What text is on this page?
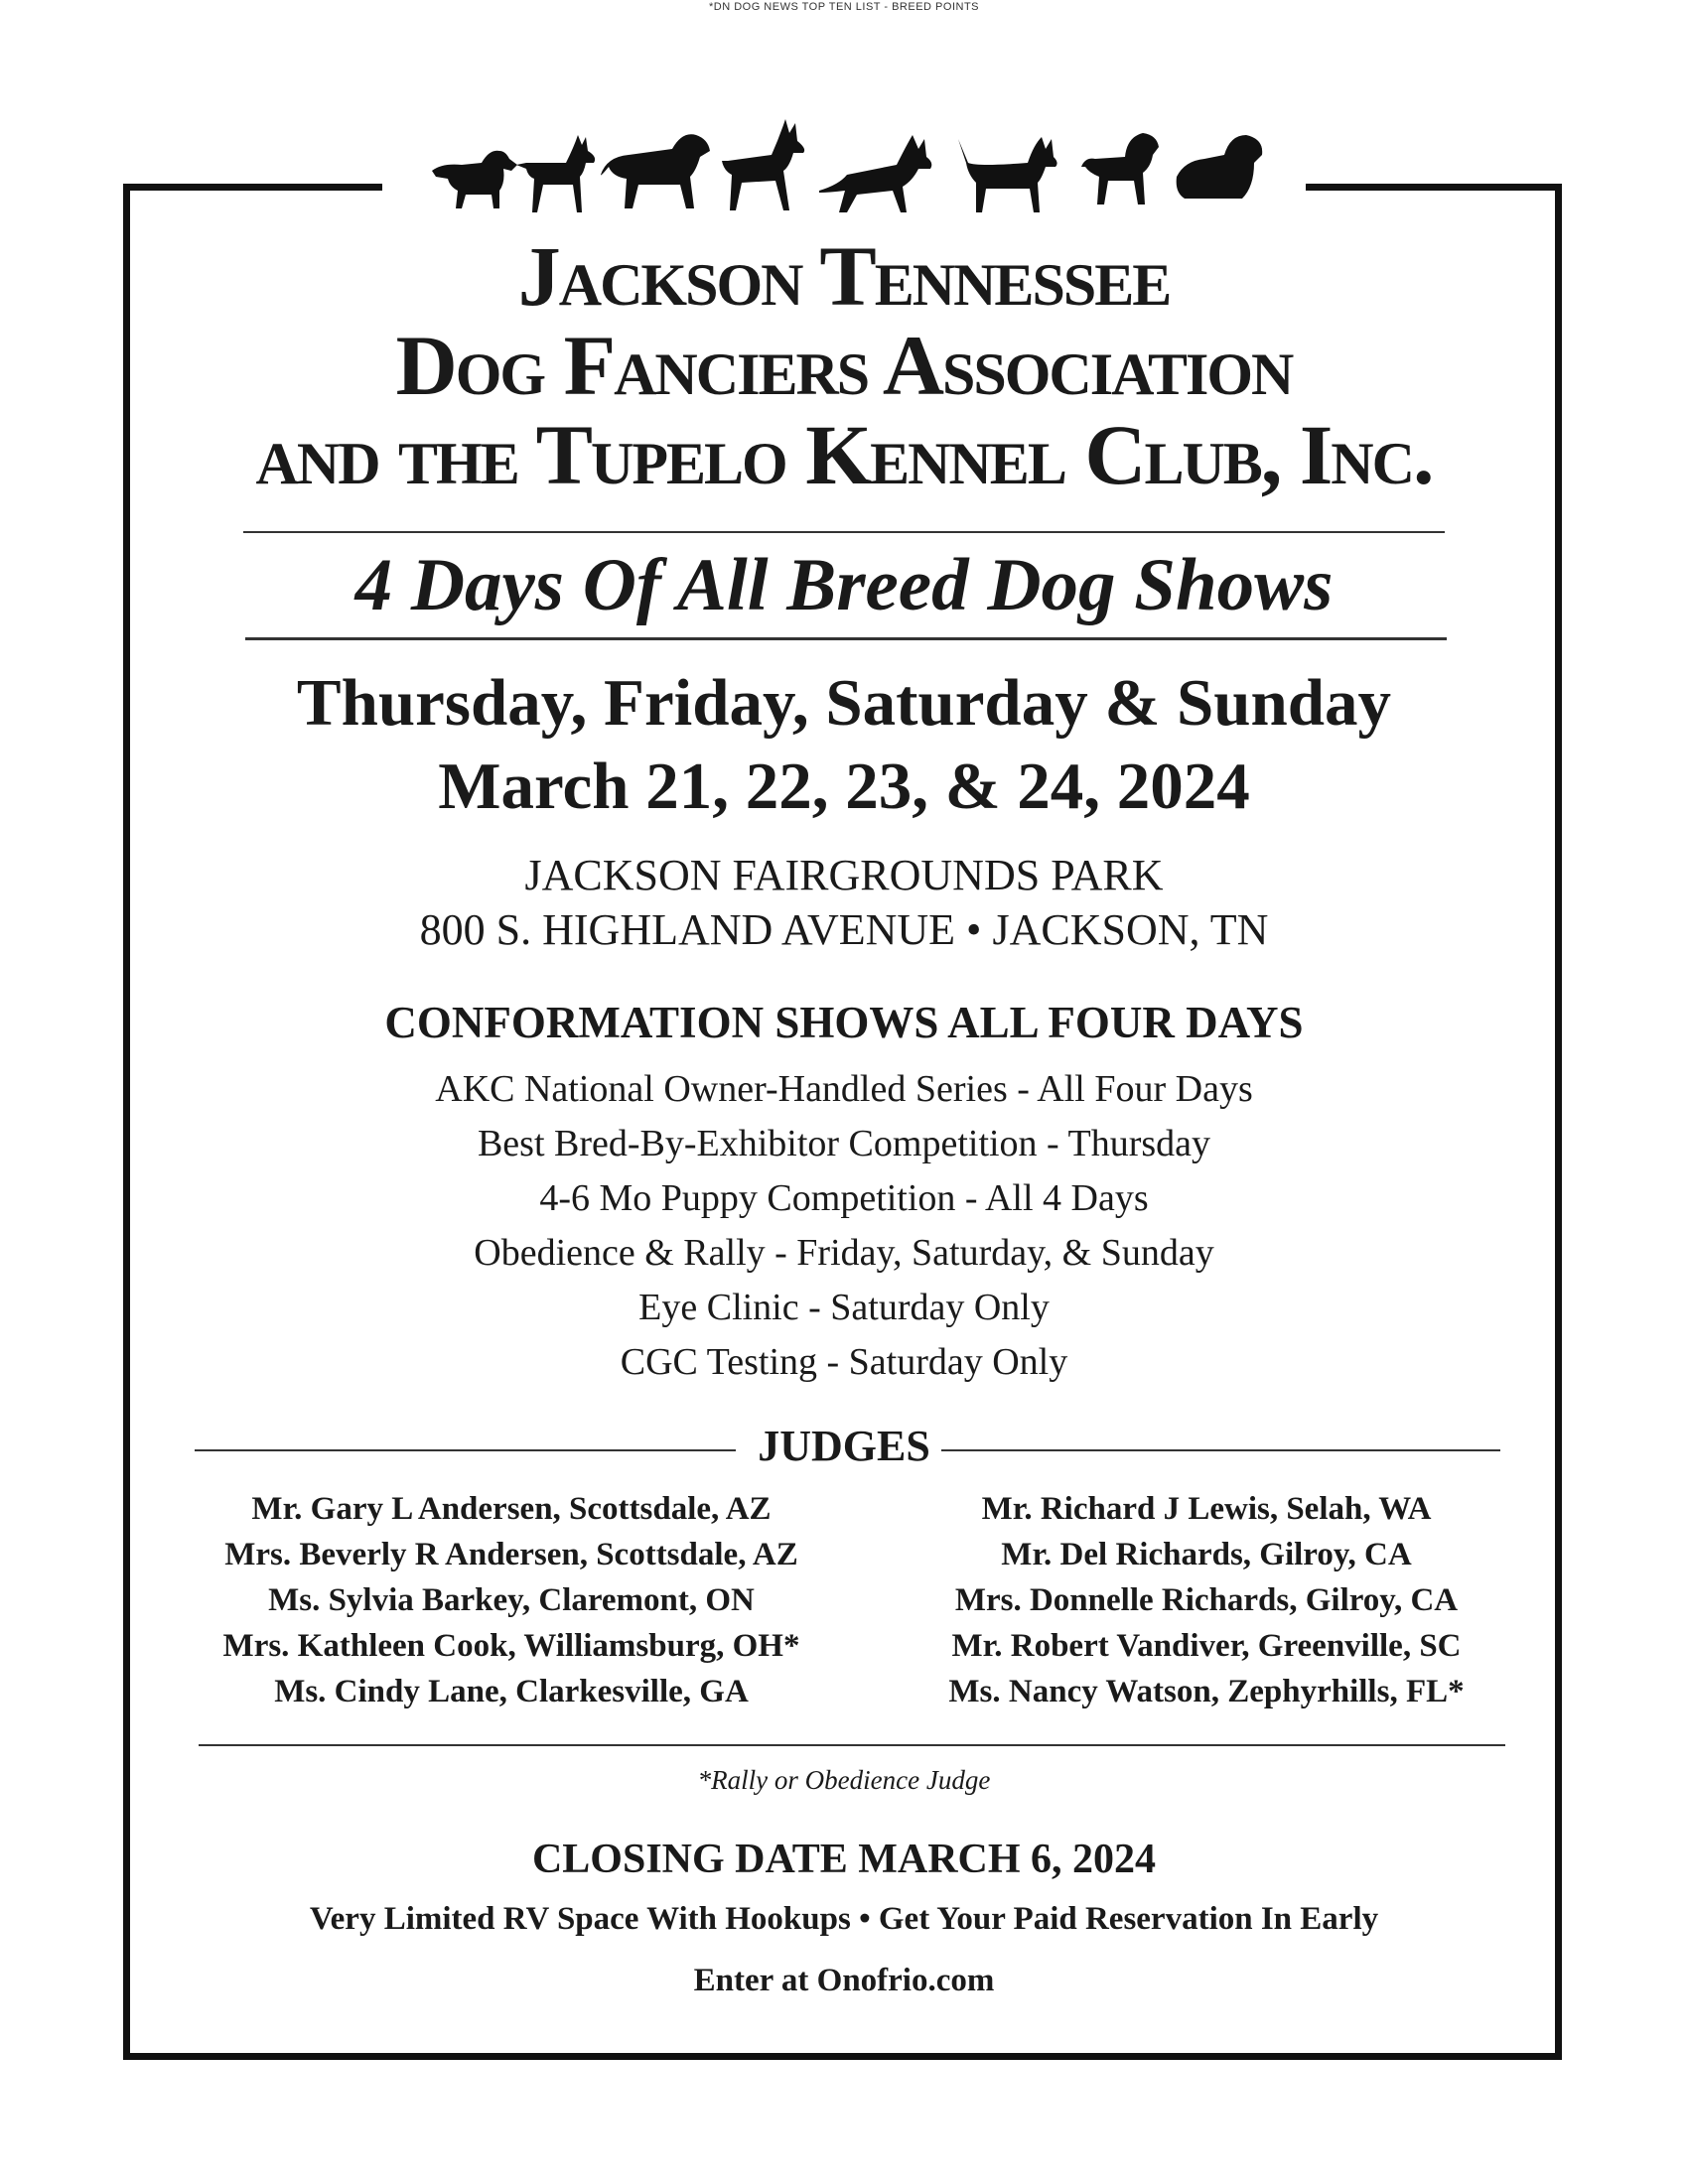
*DN DOG NEWS TOP TEN LIST - BREED POINTS
Jackson Tennessee
Dog Fanciers Association
and the Tupelo Kennel Club, Inc.
4 Days Of All Breed Dog Shows
Thursday, Friday, Saturday & Sunday
March 21, 22, 23, & 24, 2024
JACKSON FAIRGROUNDS PARK
800 S. HIGHLAND AVENUE • JACKSON, TN
CONFORMATION SHOWS ALL FOUR DAYS
AKC National Owner-Handled Series - All Four Days
Best Bred-By-Exhibitor Competition - Thursday
4-6 Mo Puppy Competition - All 4 Days
Obedience & Rally - Friday, Saturday, & Sunday
Eye Clinic - Saturday Only
CGC Testing - Saturday Only
JUDGES
Mr. Gary L Andersen, Scottsdale, AZ
Mrs. Beverly R Andersen, Scottsdale, AZ
Ms. Sylvia Barkey, Claremont, ON
Mrs. Kathleen Cook, Williamsburg, OH*
Ms. Cindy Lane, Clarkesville, GA
Mr. Richard J Lewis, Selah, WA
Mr. Del Richards, Gilroy, CA
Mrs. Donnelle Richards, Gilroy, CA
Mr. Robert Vandiver, Greenville, SC
Ms. Nancy Watson, Zephyrhills, FL*
*Rally or Obedience Judge
CLOSING DATE MARCH 6, 2024
Very Limited RV Space With Hookups • Get Your Paid Reservation In Early
Enter at Onofrio.com
